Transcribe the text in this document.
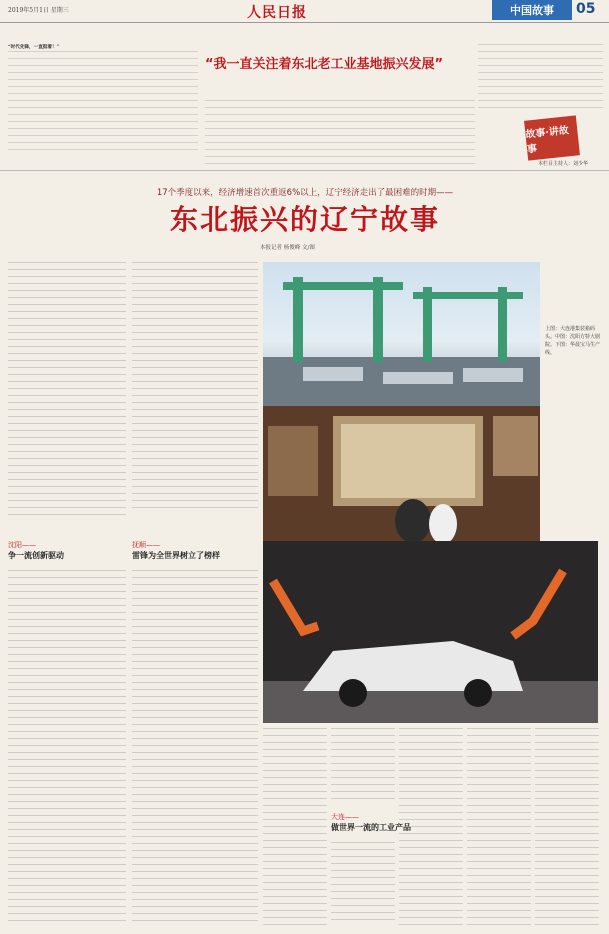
2019年5月1日 星期三	人民日报	中国故事	05
“我一直关注着东北老工业基地振兴发展”
“时代先锋，一直挺着！”
故事·讲故事
本栏目主持人：刘少华
17个季度以来，经济增速首次重返6%以上，辽宁经济走出了最困难的时期——
东北振兴的辽宁故事
本报记者 杨俊峰 文/图
沈阳——
争一流创新驱动
抚顺——
雷锋为全世界树立了榜样
上图：大连港集装箱码头。中图：沈阳方特大剧院。下图：华晨宝马生产线。
大连——
做世界一流的工业产品
